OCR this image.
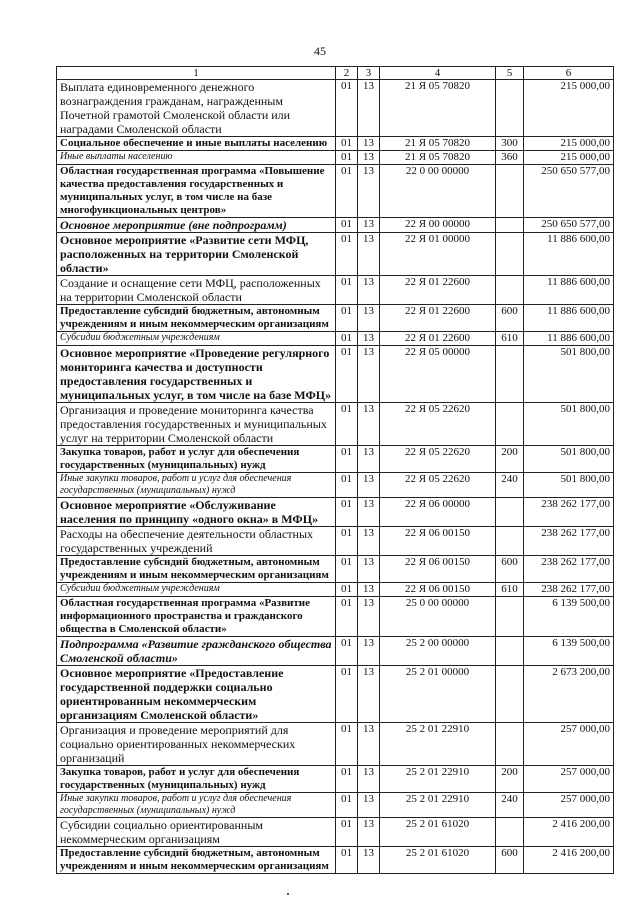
45
1	2	3	4	5	6
Выплата единовременного денежного вознаграждения гражданам, награжденным Почетной грамотой Смоленской области или наградами Смоленской области	01	13	21 Я 05 70820		215 000,00
Социальное обеспечение и иные выплаты населению	01	13	21 Я 05 70820	300	215 000,00
Иные выплаты населению	01	13	21 Я 05 70820	360	215 000,00
Областная государственная программа «Повышение качества предоставления государственных и муниципальных услуг, в том числе на базе многофункциональных центров»	01	13	22 0 00 00000		250 650 577,00
Основное мероприятие (вне подпрограмм)	01	13	22 Я 00 00000		250 650 577,00
Основное мероприятие «Развитие сети МФЦ, расположенных на территории Смоленской области»	01	13	22 Я 01 00000		11 886 600,00
Создание и оснащение сети МФЦ, расположенных на территории Смоленской области	01	13	22 Я 01 22600		11 886 600,00
Предоставление субсидий бюджетным, автономным учреждениям и иным некоммерческим организациям	01	13	22 Я 01 22600	600	11 886 600,00
Субсидии бюджетным учреждениям	01	13	22 Я 01 22600	610	11 886 600,00
Основное мероприятие «Проведение регулярного мониторинга качества и доступности предоставления государственных и муниципальных услуг, в том числе на базе МФЦ»	01	13	22 Я 05 00000		501 800,00
Организация и проведение мониторинга качества предоставления государственных и муниципальных услуг на территории Смоленской области	01	13	22 Я 05 22620		501 800,00
Закупка товаров, работ и услуг для обеспечения государственных (муниципальных) нужд	01	13	22 Я 05 22620	200	501 800,00
Иные закупки товаров, работ и услуг для обеспечения государственных (муниципальных) нужд	01	13	22 Я 05 22620	240	501 800,00
Основное мероприятие «Обслуживание населения по принципу «одного окна» в МФЦ»	01	13	22 Я 06 00000		238 262 177,00
Расходы на обеспечение деятельности областных государственных учреждений	01	13	22 Я 06 00150		238 262 177,00
Предоставление субсидий бюджетным, автономным учреждениям и иным некоммерческим организациям	01	13	22 Я 06 00150	600	238 262 177,00
Субсидии бюджетным учреждениям	01	13	22 Я 06 00150	610	238 262 177,00
Областная государственная программа «Развитие информационного пространства и гражданского общества в Смоленской области»	01	13	25 0 00 00000		6 139 500,00
Подпрограмма «Развитие гражданского общества Смоленской области»	01	13	25 2 00 00000		6 139 500,00
Основное мероприятие «Предоставление государственной поддержки социально ориентированным некоммерческим организациям Смоленской области»	01	13	25 2 01 00000		2 673 200,00
Организация и проведение мероприятий для социально ориентированных некоммерческих организаций	01	13	25 2 01 22910		257 000,00
Закупка товаров, работ и услуг для обеспечения государственных (муниципальных) нужд	01	13	25 2 01 22910	200	257 000,00
Иные закупки товаров, работ и услуг для обеспечения государственных (муниципальных) нужд	01	13	25 2 01 22910	240	257 000,00
Субсидии социально ориентированным некоммерческим организациям	01	13	25 2 01 61020		2 416 200,00
Предоставление субсидий бюджетным, автономным учреждениям и иным некоммерческим организациям	01	13	25 2 01 61020	600	2 416 200,00
